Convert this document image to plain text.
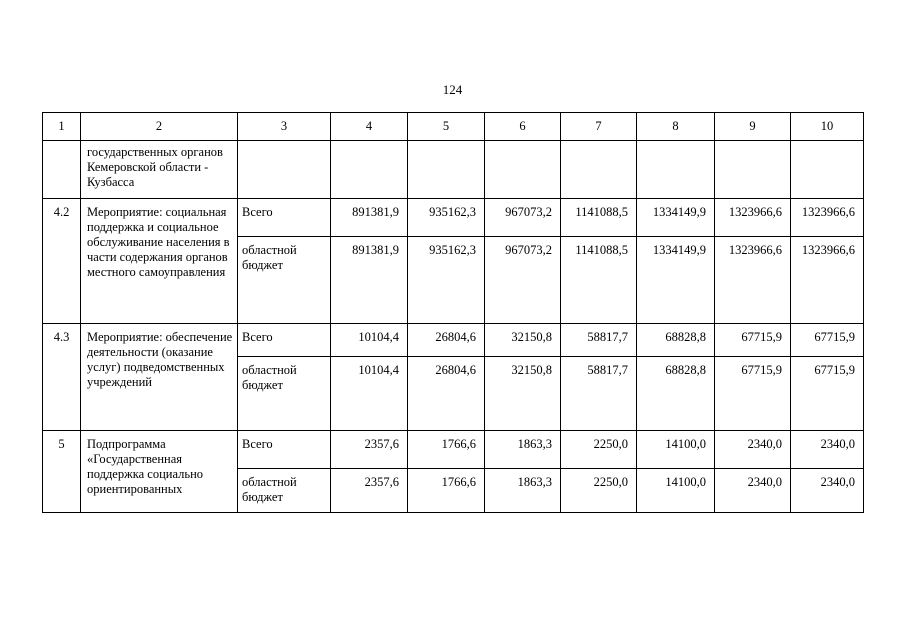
124
1	2	3	4	5	6	7	8	9	10
	государственных органов Кемеровской области - Кузбасса								
4.2	Мероприятие: социальная поддержка и социальное обслуживание населения в части содержания органов местного самоуправления	Всего	891381,9	935162,3	967073,2	1141088,5	1334149,9	1323966,6	1323966,6
		областной бюджет	891381,9	935162,3	967073,2	1141088,5	1334149,9	1323966,6	1323966,6
4.3	Мероприятие: обеспечение деятельности (оказание услуг) подведомственных учреждений	Всего	10104,4	26804,6	32150,8	58817,7	68828,8	67715,9	67715,9
		областной бюджет	10104,4	26804,6	32150,8	58817,7	68828,8	67715,9	67715,9
5	Подпрограмма «Государственная поддержка социально ориентированных	Всего	2357,6	1766,6	1863,3	2250,0	14100,0	2340,0	2340,0
		областной бюджет	2357,6	1766,6	1863,3	2250,0	14100,0	2340,0	2340,0
